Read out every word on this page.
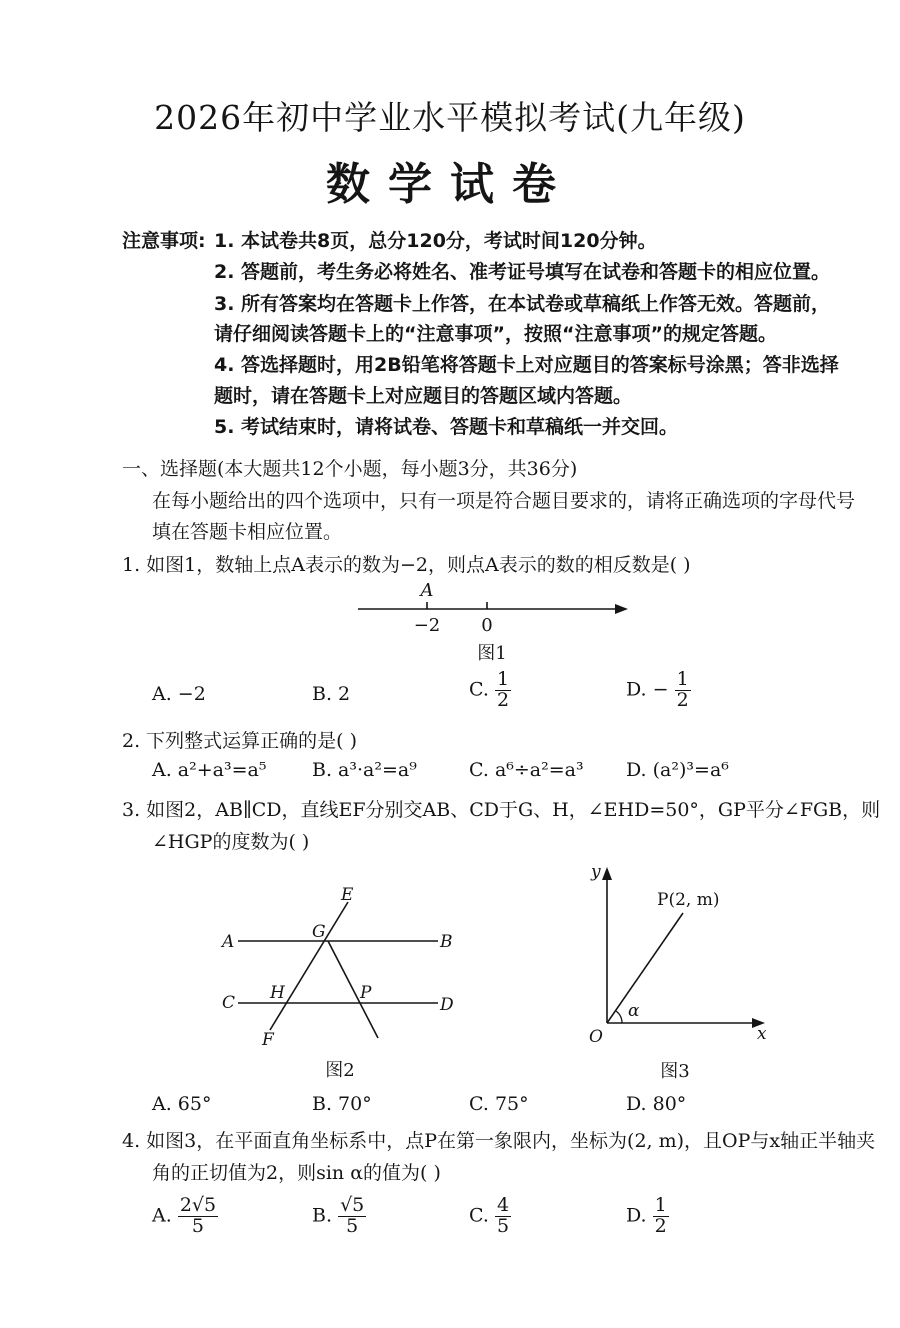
2026年初中学业水平模拟考试(九年级)
数学试卷
注意事项: 1. 本试卷共8页，总分120分，考试时间120分钟。
2. 答题前，考生务必将姓名、准考证号填写在试卷和答题卡的相应位置。
3. 所有答案均在答题卡上作答，在本试卷或草稿纸上作答无效。答题前，
请仔细阅读答题卡上的“注意事项”，按照“注意事项”的规定答题。
4. 答选择题时，用2B铅笔将答题卡上对应题目的答案标号涂黑；答非选择
题时，请在答题卡上对应题目的答题区域内答题。
5. 考试结束时，请将试卷、答题卡和草稿纸一并交回。
一、选择题(本大题共12个小题，每小题3分，共36分)
在每小题给出的四个选项中，只有一项是符合题目要求的，请将正确选项的字母代号
填在答题卡相应位置。
1. 如图1，数轴上点A表示的数为−2，则点A表示的数的相反数是( )
A
−2 0
图1
A. −2	B. 2	C. $\frac{1}{2}$	D. − $\frac{1}{2}$
2. 下列整式运算正确的是( )
A. a²+a³=a⁵ B. a³·a²=a⁹	C. a⁶÷a²=a³ D. (a²)³=a⁶
3. 如图2，AB∥CD，直线EF分别交AB、CD于G、H，∠EHD=50°，GP平分∠FGB，则
∠HGP的度数为( )
E
A	G	B
C H	P
D
F
图2
y
P(2, m)
α
O	x
图3
A. 65°	B. 70°	C. 75°	D. 80°
4. 如图3，在平面直角坐标系中，点P在第一象限内，坐标为(2, m)，且OP与x轴正半轴夹
角的正切值为2，则sin α的值为( )
A. $\frac{2√5}{5}$	B. $\frac{√5}{5}$	C. $\frac{4}{5}$	D. $\frac{1}{2}$
